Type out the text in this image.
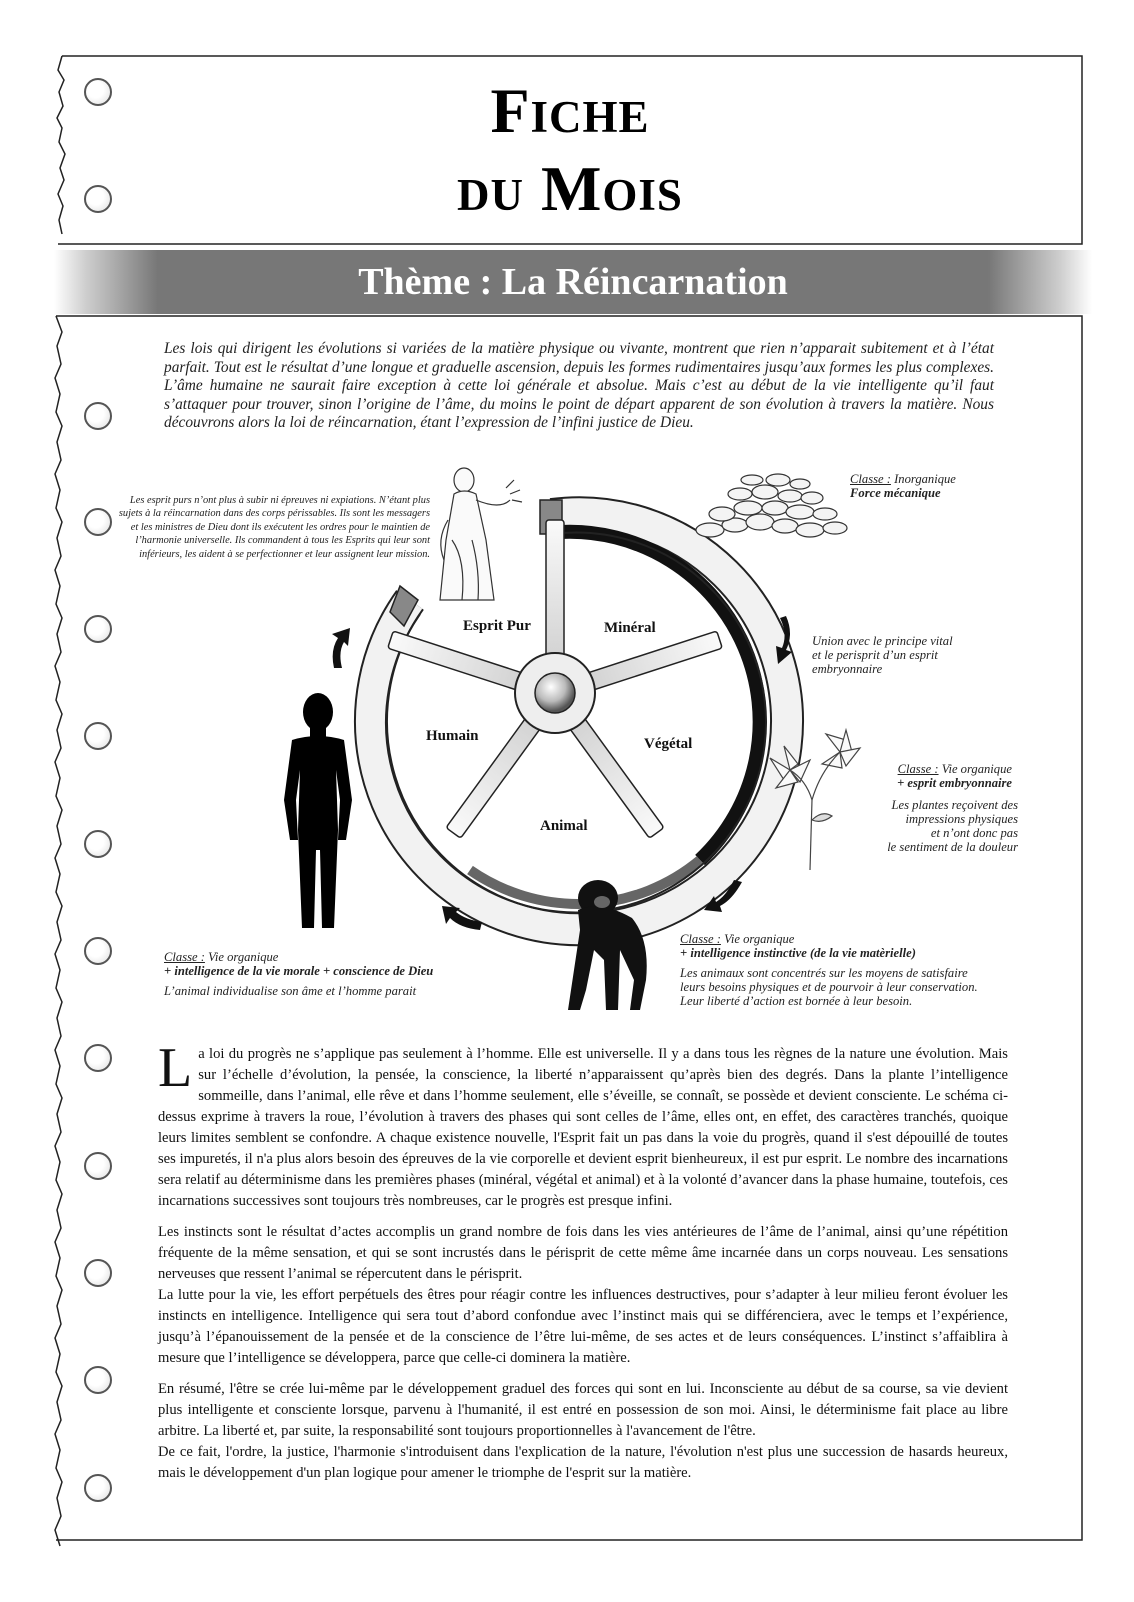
Fiche
du Mois
Thème : La Réincarnation
Les lois qui dirigent les évolutions si variées de la matière physique ou vivante, montrent que rien n’apparait subitement et à l’état parfait. Tout est le résultat d’une longue et graduelle ascension, depuis les formes rudimentaires jusqu’aux formes les plus complexes. L’âme humaine ne saurait faire exception à cette loi générale et absolue. Mais c’est au début de la vie intelligente qu’il faut s’attaquer pour trouver, sinon l’origine de l’âme, du moins le point de départ apparent de son évolution à travers la matière. Nous découvrons alors la loi de réincarnation, étant l’expression de l’infini justice de Dieu.
Esprit Pur	Minéral
Humain	Végétal
Animal
Les esprit purs n’ont plus à subir ni épreuves ni expiations. N’étant plus sujets à la réincarnation dans des corps périssables. Ils sont les messagers et les ministres de Dieu dont ils exécutent les ordres pour le maintien de l’harmonie universelle. Ils commandent à tous les Esprits qui leur sont inférieurs, les aident à se perfectionner et leur assignent leur mission.
Classe : Inorganique
Force mécanique
Union avec le principe vital
et le perisprit d’un esprit
embryonnaire
Classe : Vie organique
+ esprit embryonnaire
Les plantes reçoivent des
impressions physiques
et n’ont donc pas
le sentiment de la douleur
Classe : Vie organique
+ intelligence instinctive (de la vie matèrielle)
Les animaux sont concentrés sur les moyens de satisfaire
leurs besoins physiques et de pourvoir à leur conservation.
Leur liberté d’action est bornée à leur besoin.
Classe : Vie organique
+ intelligence de la vie morale + conscience de Dieu
L’animal individualise son âme et l’homme parait

La loi du progrès ne s’applique pas seulement à l’homme. Elle est universelle. Il y a dans tous les règnes de la nature une évolution. Mais sur l’échelle d’évolution, la pensée, la conscience, la liberté n’apparaissent qu’après bien des degrés. Dans la plante l’intelligence sommeille, dans l’animal, elle rêve et dans l’homme seulement, elle s’éveille, se connaît, se possède et devient consciente. Le schéma ci-dessus exprime à travers la roue, l’évolution à travers des phases qui sont celles de l’âme, elles ont, en effet, des caractères tranchés, quoique leurs limites semblent se confondre. A chaque existence nouvelle, l'Esprit fait un pas dans la voie du progrès, quand il s'est dépouillé de toutes ses impuretés, il n'a plus alors besoin des épreuves de la vie corporelle et devient esprit bienheureux, il est pur esprit. Le nombre des incarnations sera relatif au déterminisme dans les premières phases (minéral, végétal et animal) et à la volonté d’avancer dans la phase humaine, toutefois, ces incarnations successives sont toujours très nombreuses, car le progrès est presque infini.

Les instincts sont le résultat d’actes accomplis un grand nombre de fois dans les vies antérieures de l’âme de l’animal, ainsi qu’une répétition fréquente de la même sensation, et qui se sont incrustés dans le périsprit de cette même âme incarnée dans un corps nouveau. Les sensations nerveuses que ressent l’animal se répercutent dans le périsprit.
La lutte pour la vie, les effort perpétuels des êtres pour réagir contre les influences destructives, pour s’adapter à leur milieu feront évoluer les instincts en intelligence. Intelligence qui sera tout d’abord confondue avec l’instinct mais qui se différenciera, avec le temps et l’expérience, jusqu’à l’épanouissement de la pensée et de la conscience de l’être lui-même, de ses actes et de leurs conséquences. L’instinct s’affaiblira à mesure que l’intelligence se développera, parce que celle-ci dominera la matière.

En résumé, l'être se crée lui-même par le développement graduel des forces qui sont en lui. Inconsciente au début de sa course, sa vie devient plus intelligente et consciente lorsque, parvenu à l'humanité, il est entré en possession de son moi. Ainsi, le déterminisme fait place au libre arbitre. La liberté et, par suite, la responsabilité sont toujours proportionnelles à l'avancement de l'être.
De ce fait, l'ordre, la justice, l'harmonie s'introduisent dans l'explication de la nature, l'évolution n'est plus une succession de hasards heureux, mais le développement d'un plan logique pour amener le triomphe de l'esprit sur la matière.
